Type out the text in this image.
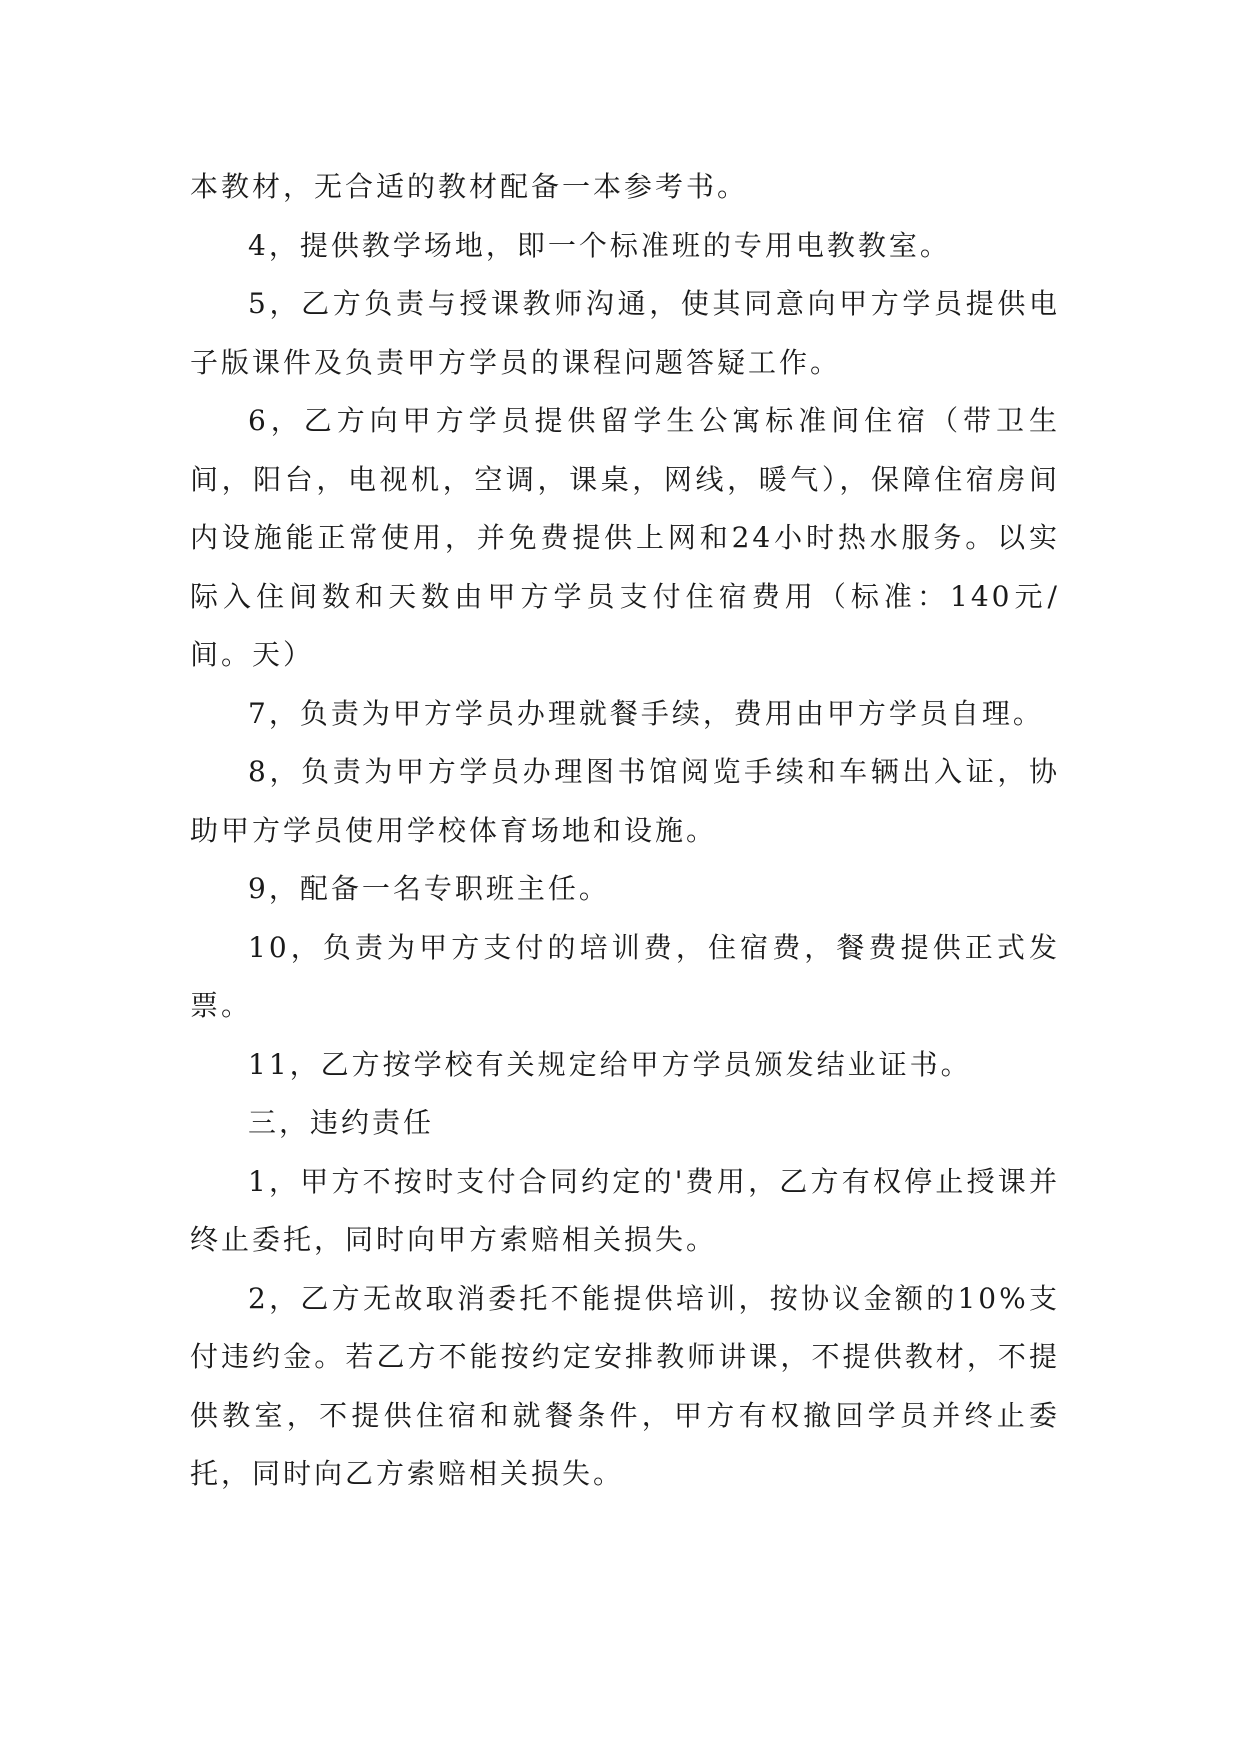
本教材，无合适的教材配备一本参考书。

4，提供教学场地，即一个标准班的专用电教教室。

5，乙方负责与授课教师沟通，使其同意向甲方学员提供电子版课件及负责甲方学员的课程问题答疑工作。

6，乙方向甲方学员提供留学生公寓标准间住宿（带卫生间，阳台，电视机，空调，课桌，网线，暖气），保障住宿房间内设施能正常使用，并免费提供上网和24小时热水服务。以实际入住间数和天数由甲方学员支付住宿费用（标准：140元/间。天）

7，负责为甲方学员办理就餐手续，费用由甲方学员自理。

8，负责为甲方学员办理图书馆阅览手续和车辆出入证，协助甲方学员使用学校体育场地和设施。

9，配备一名专职班主任。

10，负责为甲方支付的培训费，住宿费，餐费提供正式发票。

11，乙方按学校有关规定给甲方学员颁发结业证书。

三，违约责任

1，甲方不按时支付合同约定的'费用，乙方有权停止授课并终止委托，同时向甲方索赔相关损失。

2，乙方无故取消委托不能提供培训，按协议金额的10%支付违约金。若乙方不能按约定安排教师讲课，不提供教材，不提供教室，不提供住宿和就餐条件，甲方有权撤回学员并终止委托，同时向乙方索赔相关损失。
